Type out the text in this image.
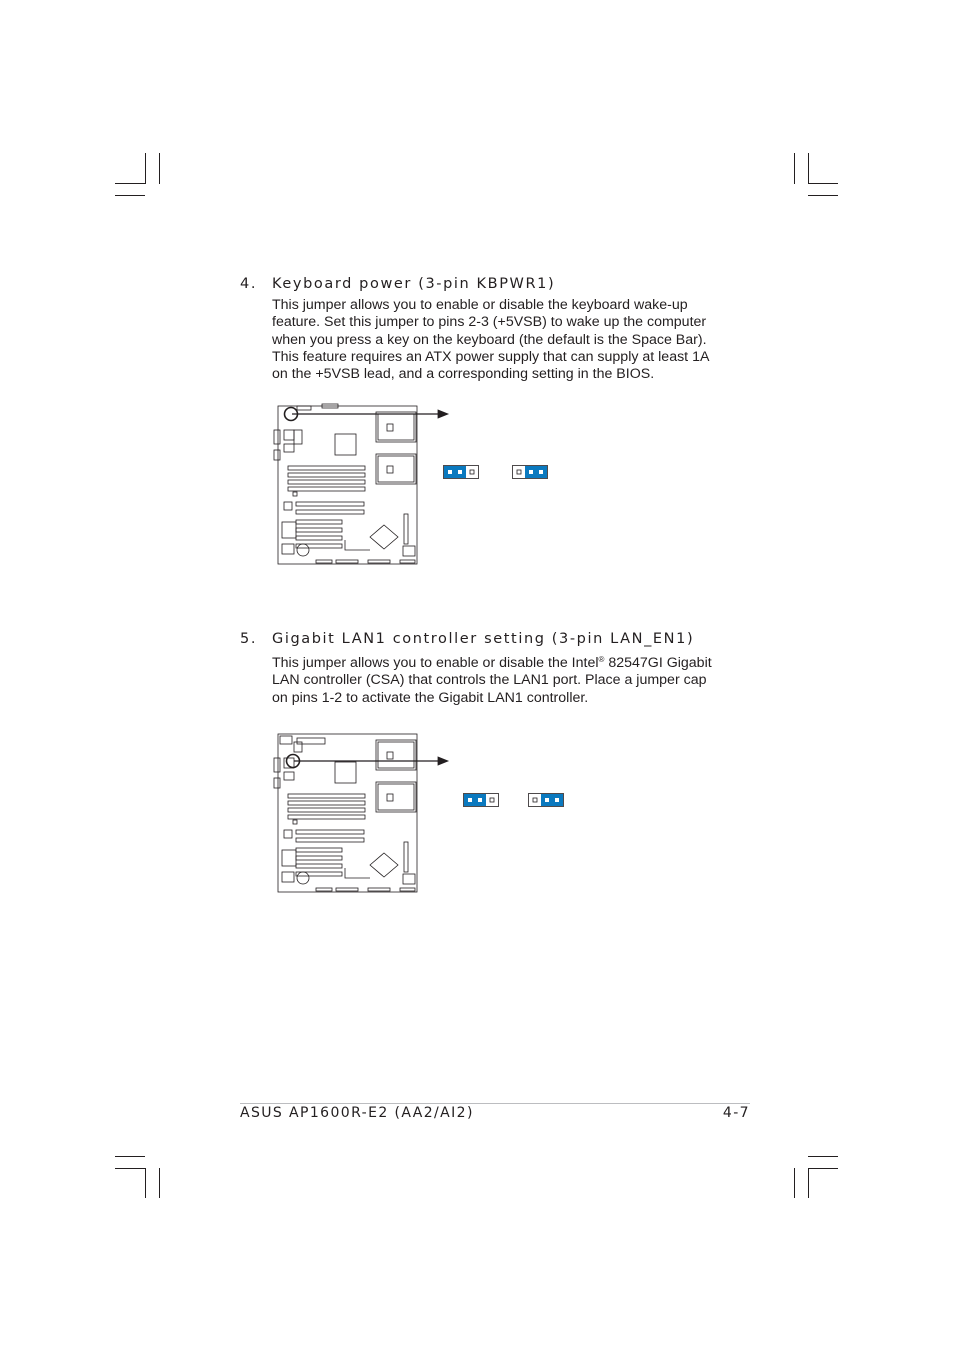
4. Keyboard power (3-pin KBPWR1)

This jumper allows you to enable or disable the keyboard wake-up

feature. Set this jumper to pins 2-3 (+5VSB) to wake up the computer

when you press a key on the keyboard (the default is the Space Bar).

This feature requires an ATX power supply that can supply at least 1A

on the +5VSB lead, and a corresponding setting in the BIOS.

5. Gigabit LAN1 controller setting (3-pin LAN_EN1)

This jumper allows you to enable or disable the Intel® 82547GI Gigabit

LAN controller (CSA) that controls the LAN1 port. Place a jumper cap

on pins 1-2 to activate the Gigabit LAN1 controller.

ASUS AP1600R-E2 (AA2/AI2)	4-7
